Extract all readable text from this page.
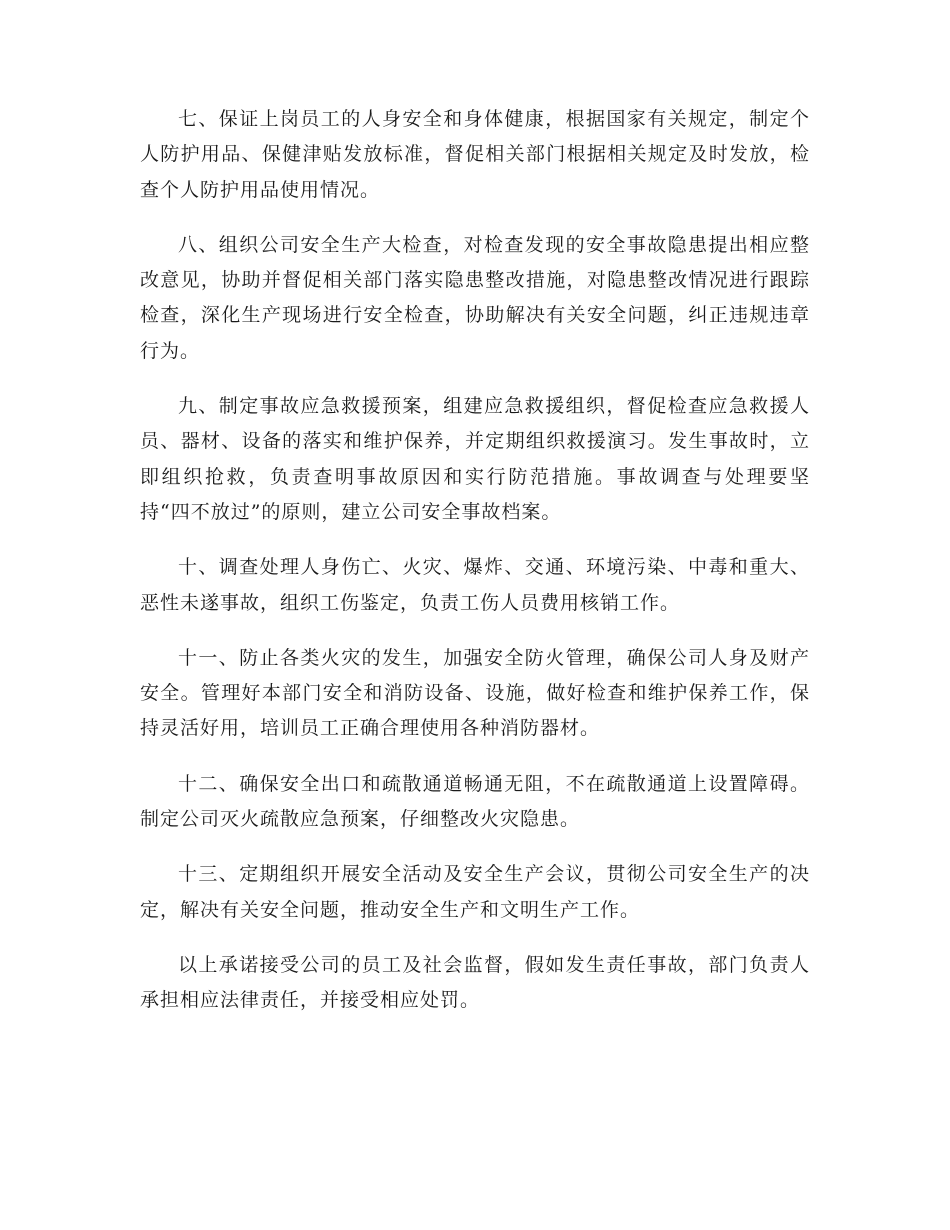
七、保证上岗员工的人身安全和身体健康，根据国家有关规定，制定个人防护用品、保健津贴发放标准，督促相关部门根据相关规定及时发放，检查个人防护用品使用情况。

八、组织公司安全生产大检查，对检查发现的安全事故隐患提出相应整改意见，协助并督促相关部门落实隐患整改措施，对隐患整改情况进行跟踪检查，深化生产现场进行安全检查，协助解决有关安全问题，纠正违规违章行为。

九、制定事故应急救援预案，组建应急救援组织，督促检查应急救援人员、器材、设备的落实和维护保养，并定期组织救援演习。发生事故时，立即组织抢救，负责查明事故原因和实行防范措施。事故调查与处理要坚持“四不放过”的原则，建立公司安全事故档案。

十、调查处理人身伤亡、火灾、爆炸、交通、环境污染、中毒和重大、恶性未遂事故，组织工伤鉴定，负责工伤人员费用核销工作。

十一、防止各类火灾的发生，加强安全防火管理，确保公司人身及财产安全。管理好本部门安全和消防设备、设施，做好检查和维护保养工作，保持灵活好用，培训员工正确合理使用各种消防器材。

十二、确保安全出口和疏散通道畅通无阻，不在疏散通道上设置障碍。制定公司灭火疏散应急预案，仔细整改火灾隐患。

十三、定期组织开展安全活动及安全生产会议，贯彻公司安全生产的决定，解决有关安全问题，推动安全生产和文明生产工作。

以上承诺接受公司的员工及社会监督，假如发生责任事故，部门负责人承担相应法律责任，并接受相应处罚。
